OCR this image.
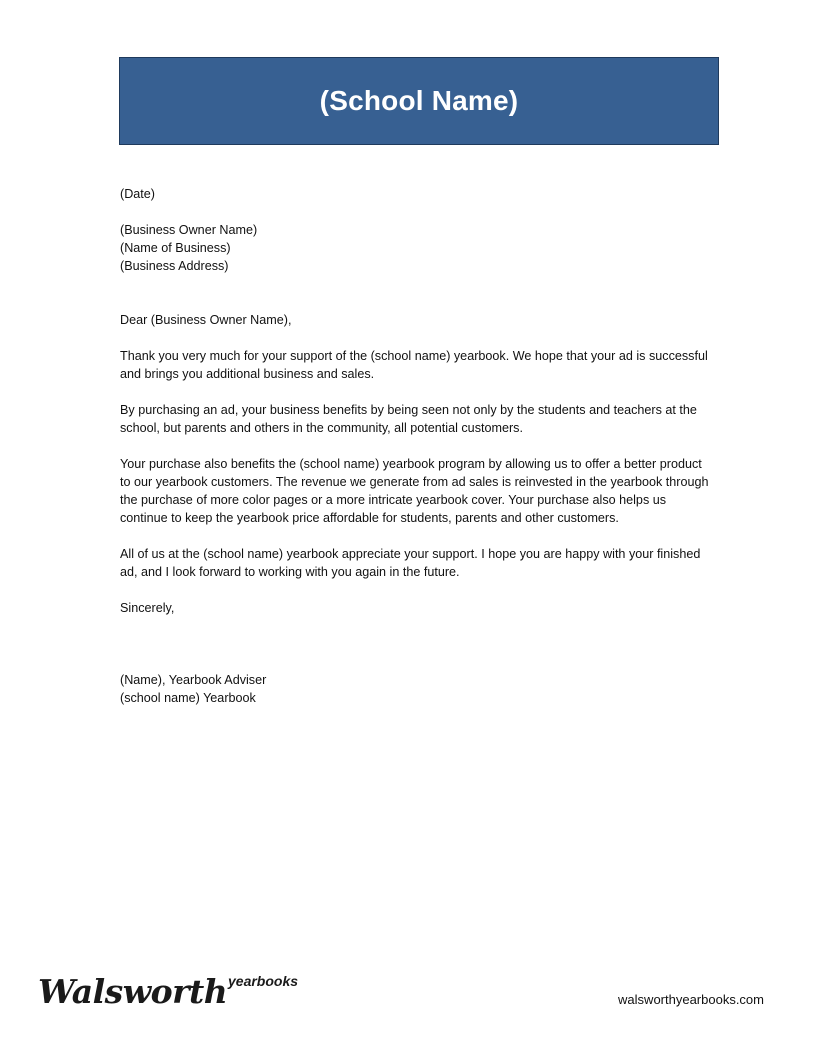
(School Name)

(Date)

(Business Owner Name)

(Name of Business)

(Business Address)

Dear (Business Owner Name),

Thank you very much for your support of the (school name) yearbook. We hope that your ad is successful and brings you additional business and sales.

By purchasing an ad, your business benefits by being seen not only by the students and teachers at the school, but parents and others in the community, all potential customers.

Your purchase also benefits the (school name) yearbook program by allowing us to offer a better product to our yearbook customers. The revenue we generate from ad sales is reinvested in the yearbook through the purchase of more color pages or a more intricate yearbook cover. Your purchase also helps us continue to keep the yearbook price affordable for students, parents and other customers.

All of us at the (school name) yearbook appreciate your support. I hope you are happy with your finished ad, and I look forward to working with you again in the future.

Sincerely,

(Name), Yearbook Adviser

(school name) Yearbook

Walsworth yearbooks
walsworthyearbooks.com
